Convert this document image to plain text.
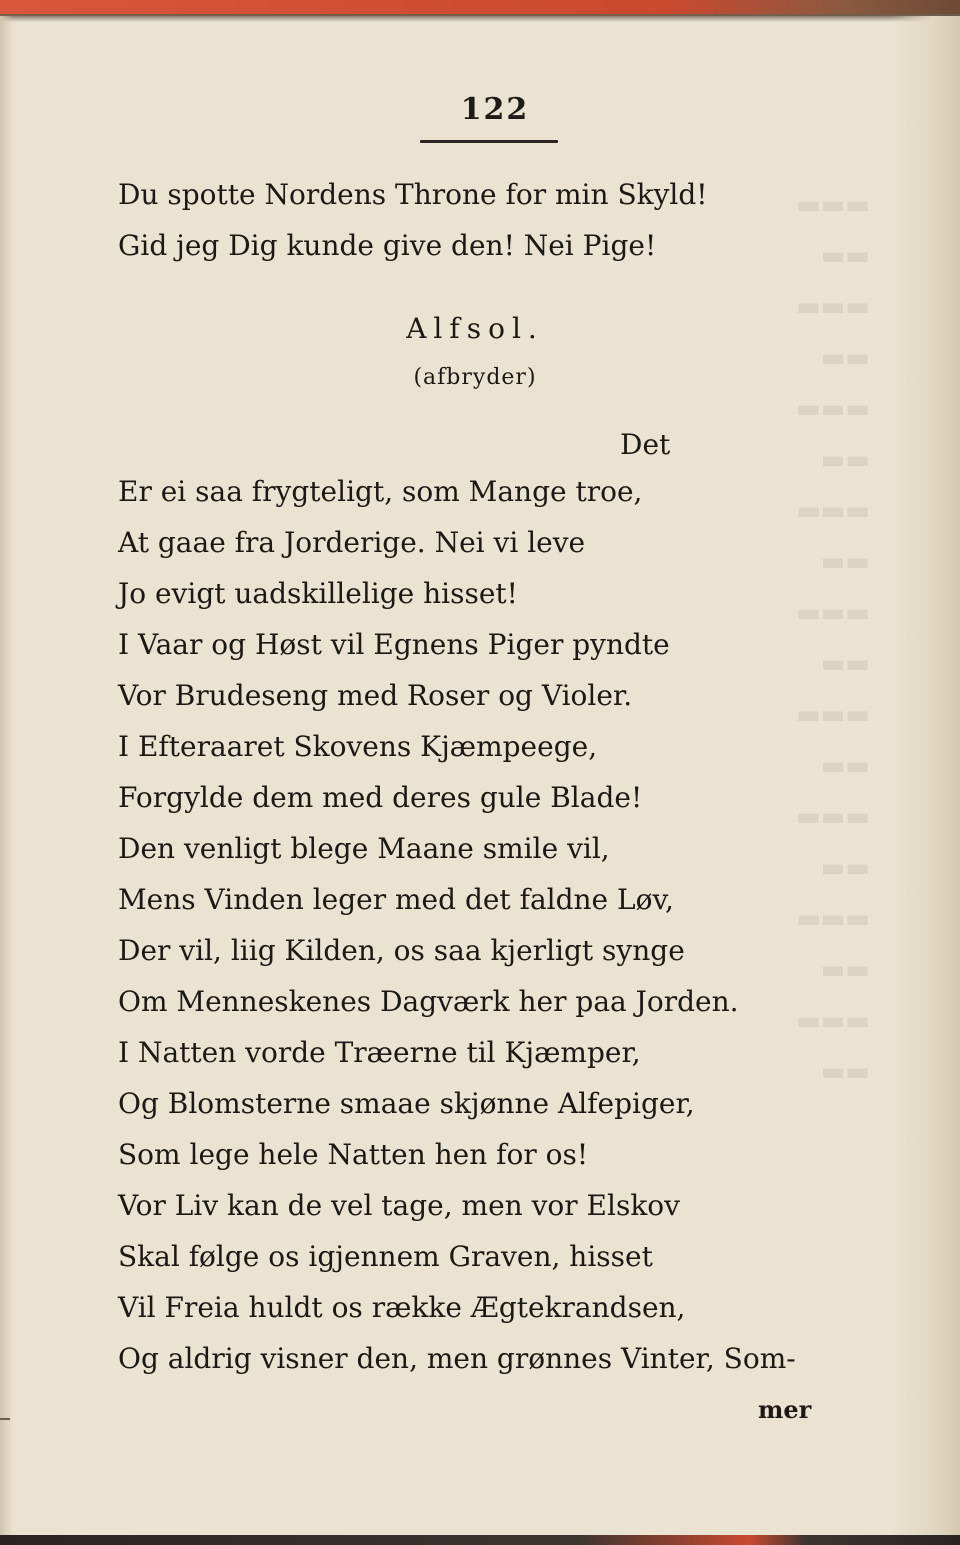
▬▬▬
▬▬
▬▬▬
▬▬
▬▬▬
▬▬
▬▬▬
▬▬
▬▬▬
▬▬
▬▬▬
▬▬
▬▬▬
▬▬
▬▬▬
▬▬
▬▬▬
▬▬
122
Du spotte Nordens Throne for min Skyld!
Gid jeg Dig kunde give den! Nei Pige!
Alfsol.
(afbryder)
Det
Er ei saa frygteligt, som Mange troe,
At gaae fra Jorderige. Nei vi leve
Jo evigt uadskillelige hisset!
I Vaar og Høst vil Egnens Piger pyndte
Vor Brudeseng med Roser og Violer.
I Efteraaret Skovens Kjæmpeege,
Forgylde dem med deres gule Blade!
Den venligt blege Maane smile vil,
Mens Vinden leger med det faldne Løv,
Der vil, liig Kilden, os saa kjerligt synge
Om Menneskenes Dagværk her paa Jorden.
I Natten vorde Træerne til Kjæmper,
Og Blomsterne smaae skjønne Alfepiger,
Som lege hele Natten hen for os!
Vor Liv kan de vel tage, men vor Elskov
Skal følge os igjennem Graven, hisset
Vil Freia huldt os række Ægtekrandsen,
Og aldrig visner den, men grønnes Vinter, Som-
mer
